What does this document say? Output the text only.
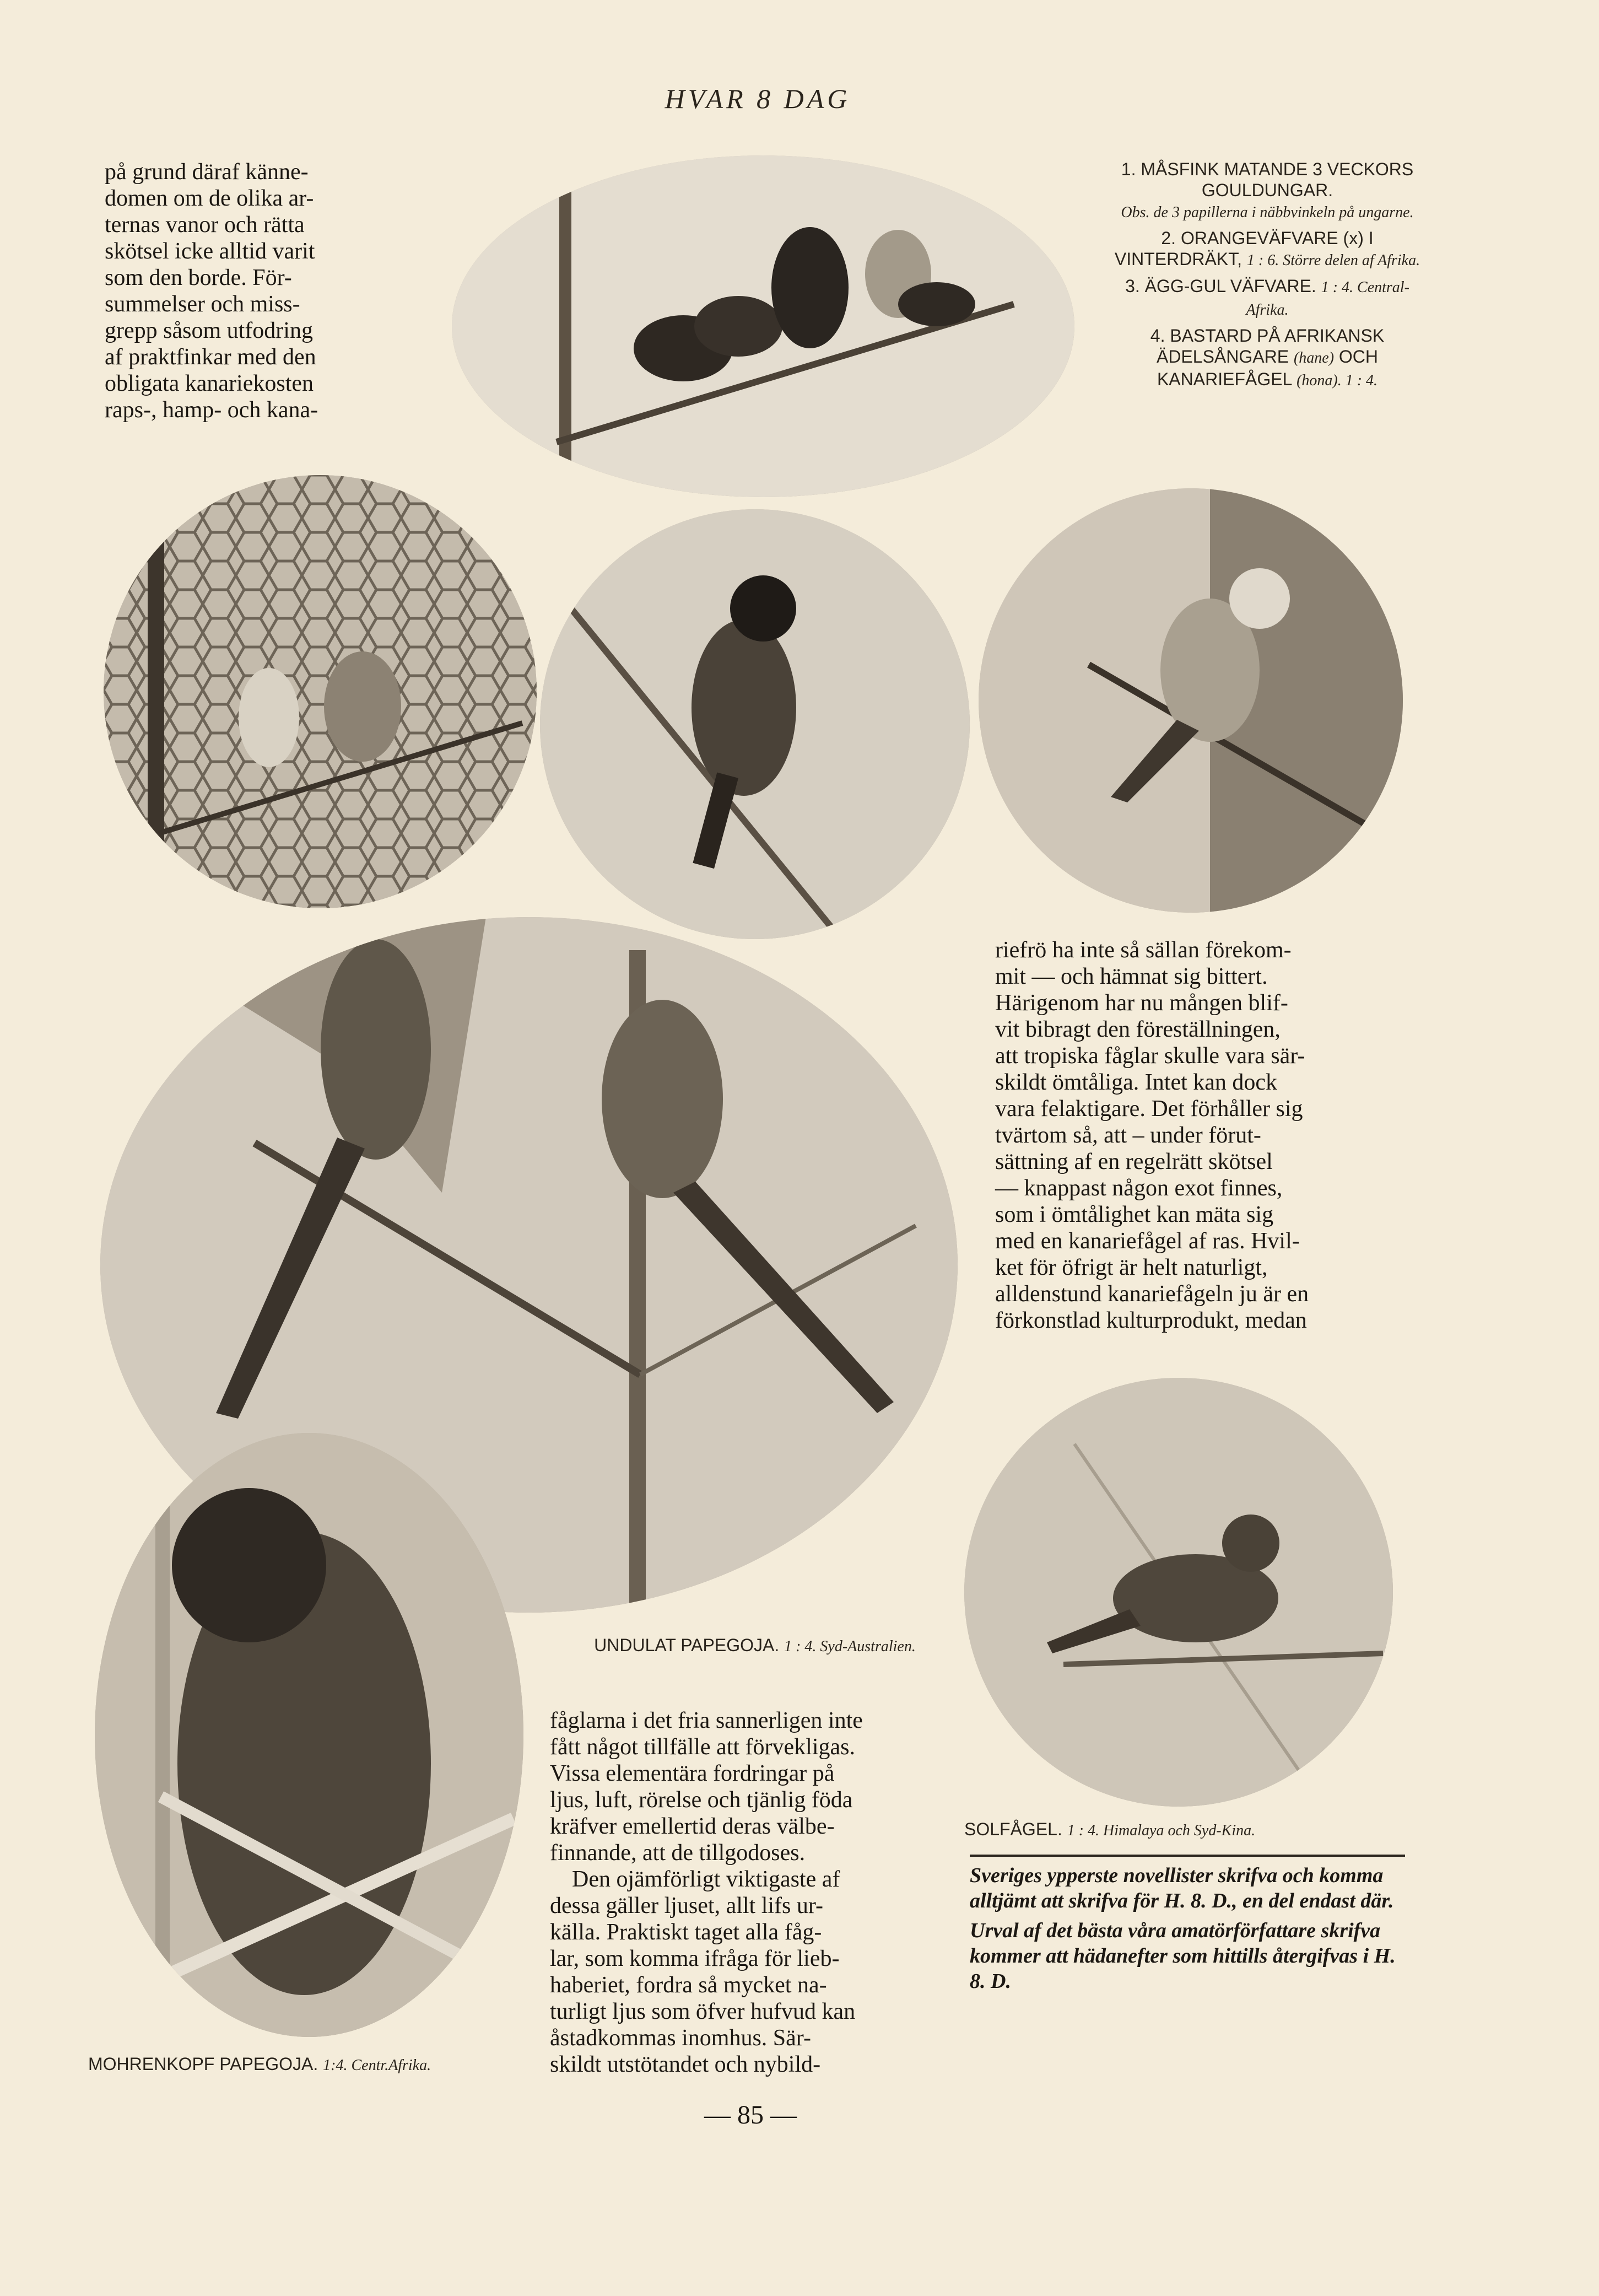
HVAR 8 DAG

på grund däraf känne-

domen om de olika ar-

ternas vanor och rätta

skötsel icke alltid varit

som den borde. För-

summelser och miss-

grepp såsom utfodring

af praktfinkar med den

obligata kanariekosten

raps-, hamp- och kana-

1. MÅSFINK MATANDE 3 VECKORS GOULDUNGAR.
Obs. de 3 papillerna i näbbvinkeln på ungarne.
2. ORANGEVÄFVARE (x) I VINTERDRÄKT, 1 : 6. Större delen af Afrika.
3. ÄGG-GUL VÄFVARE. 1 : 4. Central-Afrika.
4. BASTARD PÅ AFRIKANSK ÄDELSÅNGARE (hane) OCH KANARIEFÅGEL (hona). 1 : 4.

riefrö ha inte så sällan förekom-

mit — och hämnat sig bittert.

Härigenom har nu mången blif-

vit bibragt den föreställningen,

att tropiska fåglar skulle vara sär-

skildt ömtåliga. Intet kan dock

vara felaktigare. Det förhåller sig

tvärtom så, att – under förut-

sättning af en regelrätt skötsel

— knappast någon exot finnes,

som i ömtålighet kan mäta sig

med en kanariefågel af ras. Hvil-

ket för öfrigt är helt naturligt,

alldenstund kanariefågeln ju är en

förkonstlad kulturprodukt, medan

UNDULAT PAPEGOJA. 1 : 4. Syd-Australien.

fåglarna i det fria sannerligen inte

fått något tillfälle att förvekligas.

Vissa elementära fordringar på

ljus, luft, rörelse och tjänlig föda

kräfver emellertid deras välbe-

finnande, att de tillgodoses.

Den ojämförligt viktigaste af

dessa gäller ljuset, allt lifs ur-

källa. Praktiskt taget alla fåg-

lar, som komma ifråga för lieb-

haberiet, fordra så mycket na-

turligt ljus som öfver hufvud kan

åstadkommas inomhus. Sär-

skildt utstötandet och nybild-

SOLFÅGEL. 1 : 4. Himalaya och Syd-Kina.

Sveriges ypperste novellister skrifva och komma alltjämt att skrifva för H. 8. D., en del endast där.

Urval af det bästa våra amatörförfattare skrifva kommer att hädanefter som hittills återgifvas i H. 8. D.

MOHRENKOPF PAPEGOJA. 1:4. Centr.Afrika.
— 85 —
